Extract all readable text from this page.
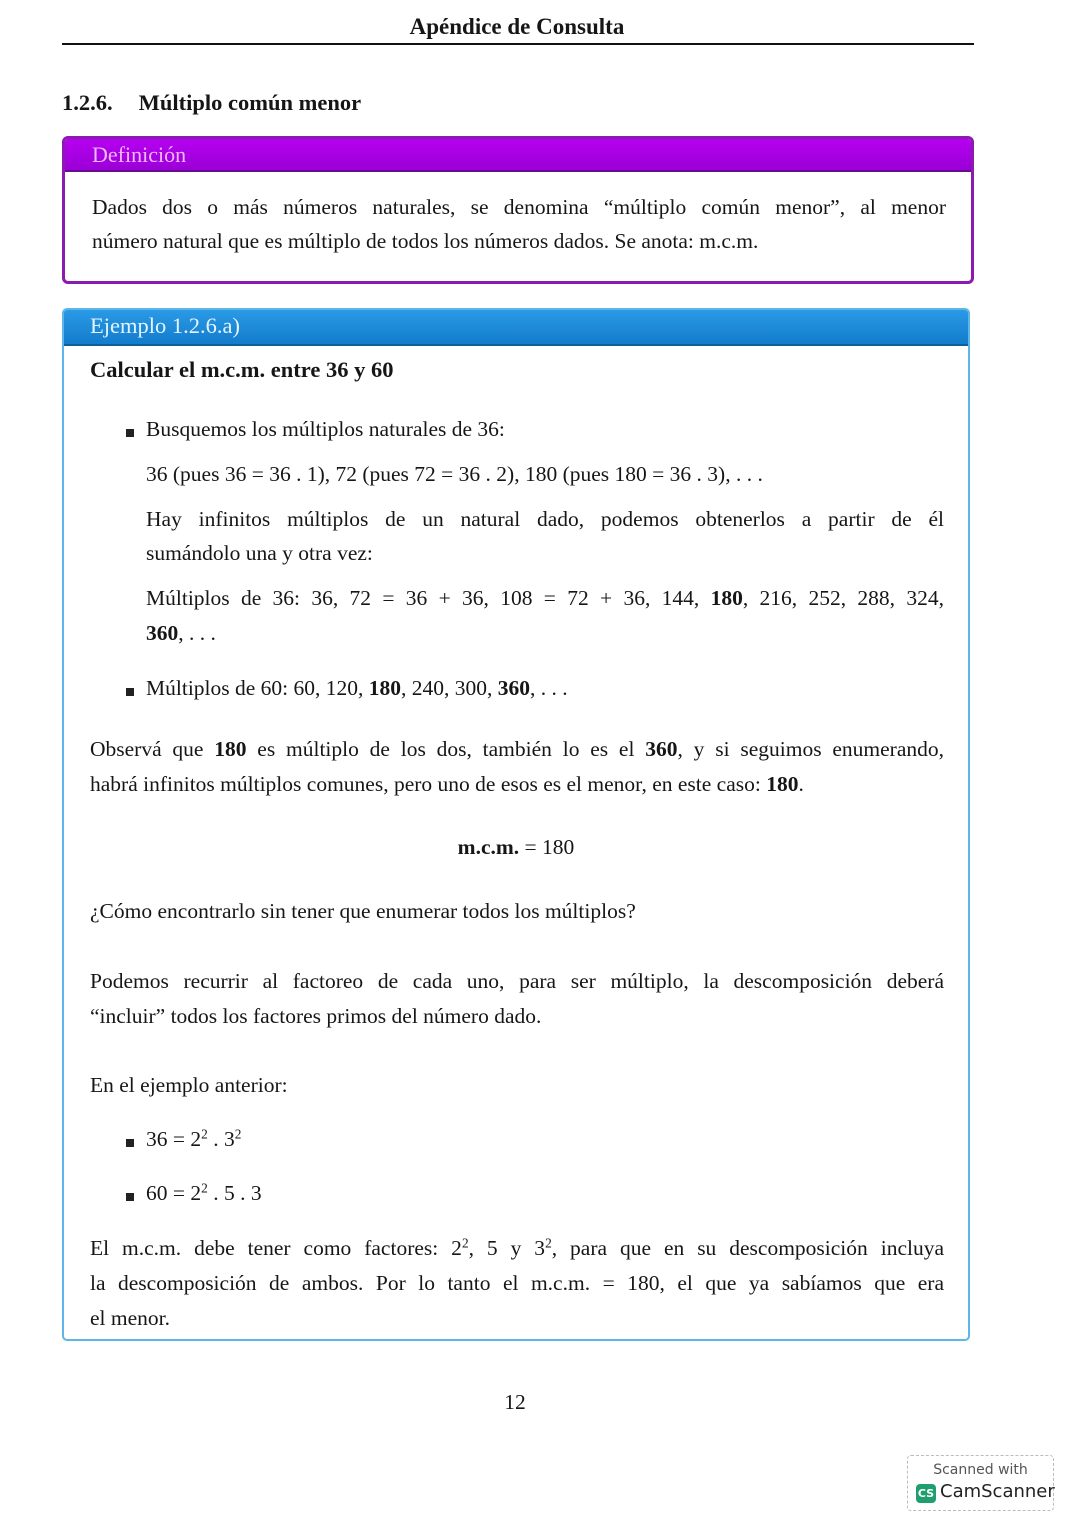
Apéndice de Consulta
1.2.6. Múltiplo común menor
Definición
Dados dos o más números naturales, se denomina “múltiplo común menor”, al menor
número natural que es múltiplo de todos los números dados. Se anota: m.c.m.
Ejemplo 1.2.6.a)
Calcular el m.c.m. entre 36 y 60
Busquemos los múltiplos naturales de 36:
36 (pues 36 = 36 . 1), 72 (pues 72 = 36 . 2), 180 (pues 180 = 36 . 3), . . .
Hay infinitos múltiplos de un natural dado, podemos obtenerlos a partir de él
sumándolo una y otra vez:
Múltiplos de 36: 36, 72 = 36 + 36, 108 = 72 + 36, 144, 180, 216, 252, 288, 324,
360, . . .
Múltiplos de 60: 60, 120, 180, 240, 300, 360, . . .
Observá que 180 es múltiplo de los dos, también lo es el 360, y si seguimos enumerando,
habrá infinitos múltiplos comunes, pero uno de esos es el menor, en este caso: 180.
m.c.m. = 180
¿Cómo encontrarlo sin tener que enumerar todos los múltiplos?
Podemos recurrir al factoreo de cada uno, para ser múltiplo, la descomposición deberá
“incluir” todos los factores primos del número dado.
En el ejemplo anterior:
$36 = 2^2$ . $3^2$
$60 = 2^2$ . 5 . 3
El m.c.m. debe tener como factores: $2^2$, 5 y $3^2$, para que en su descomposición incluya
la descomposición de ambos. Por lo tanto el m.c.m. = 180, el que ya sabíamos que era
el menor.
12
Scanned with
CS CamScanner
